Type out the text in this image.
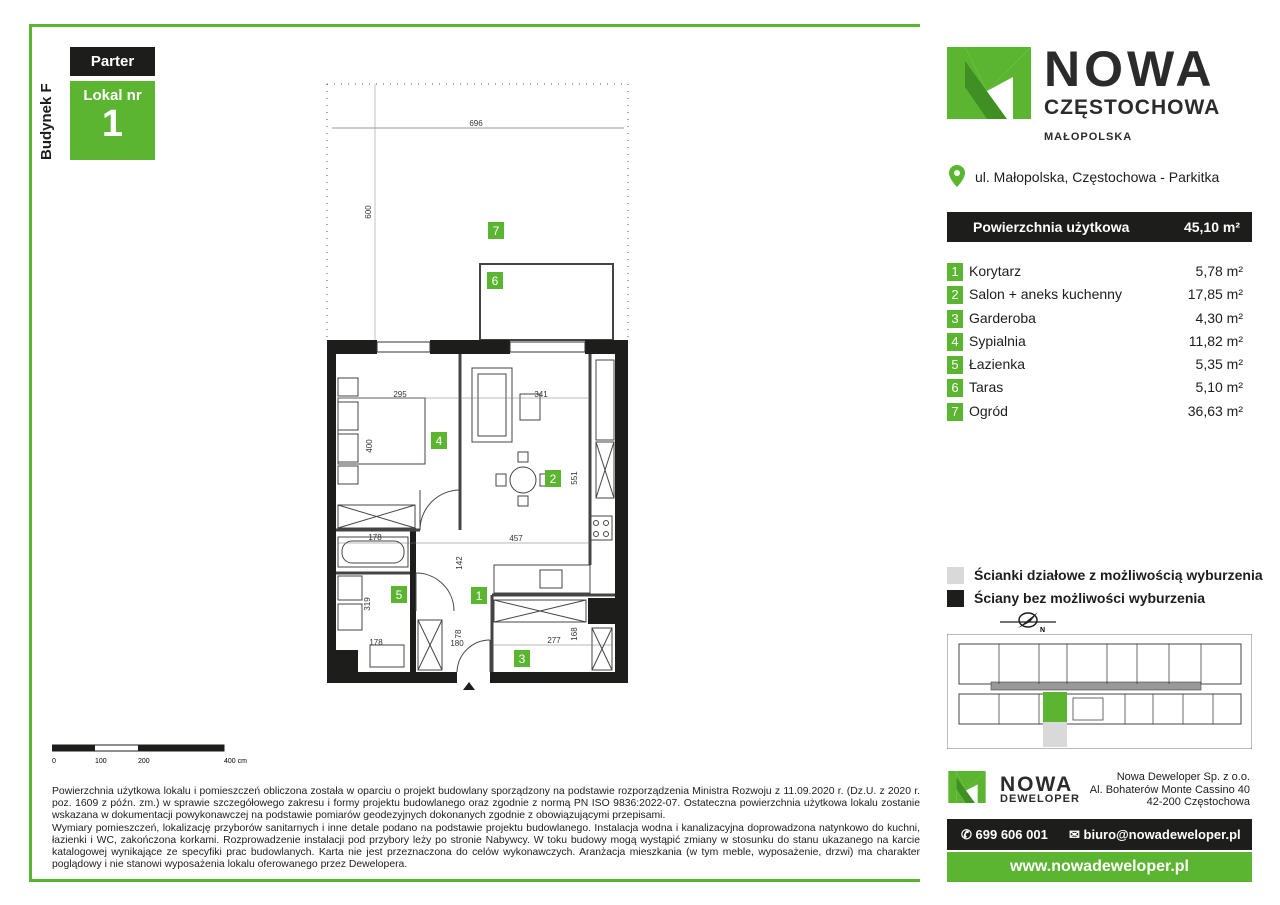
Parter
Lokal nr
1
Budynek F	696
600
295
400
341
551
457
178
319
178
142
78
180	277 168
7
6
4
2
5	1
3
0	100	200	400 cm
Powierzchnia użytkowa lokalu i pomieszczeń obliczona została w oparciu o projekt budowlany sporządzony na podstawie rozporządzenia Ministra Rozwoju z 11.09.2020 r. (Dz.U. z 2020 r. poz. 1609 z późn. zm.) w sprawie szczegółowego zakresu i formy projektu budowlanego oraz zgodnie z normą PN ISO 9836:2022-07. Ostateczna powierzchnia użytkowa lokalu zostanie wskazana w dokumentacji powykonawczej na podstawie pomiarów geodezyjnych dokonanych zgodnie z obowiązującymi przepisami.
Wymiary pomieszczeń, lokalizację przyborów sanitarnych i inne detale podano na podstawie projektu budowlanego. Instalacja wodna i kanalizacyjna doprowadzona natynkowo do kuchni, łazienki i WC, zakończona korkami. Rozprowadzenie instalacji pod przybory leży po stronie Nabywcy. W toku budowy mogą wystąpić zmiany w stosunku do stanu ukazanego na karcie katalogowej wynikające ze specyfiki prac budowlanych. Karta nie jest przeznaczona do celów wykonawczych. Aranżacja mieszkania (w tym meble, wyposażenie, drzwi) ma charakter poglądowy i nie stanowi wyposażenia lokalu oferowanego przez Dewelopera.
NOWA
CZĘSTOCHOWA
MAŁOPOLSKA
ul. Małopolska, Częstochowa - Parkitka
Powierzchnia użytkowa	45,10 m²
1 Korytarz	5,78 m²
2 Salon + aneks kuchenny	17,85 m²
3 Garderoba	4,30 m²
4 Sypialnia	11,82 m²
5 Łazienka	5,35 m²
6 Taras	5,10 m²
7 Ogród	36,63 m²
Ścianki działowe z możliwością wyburzenia
Ściany bez możliwości wyburzenia
N
NOWA
DEWELOPER
Nowa Deweloper Sp. z o.o.
Al. Bohaterów Monte Cassino 40
42-200 Częstochowa
✆ 699 606 001 ✉ biuro@nowadeweloper.pl
www.nowadeweloper.pl
